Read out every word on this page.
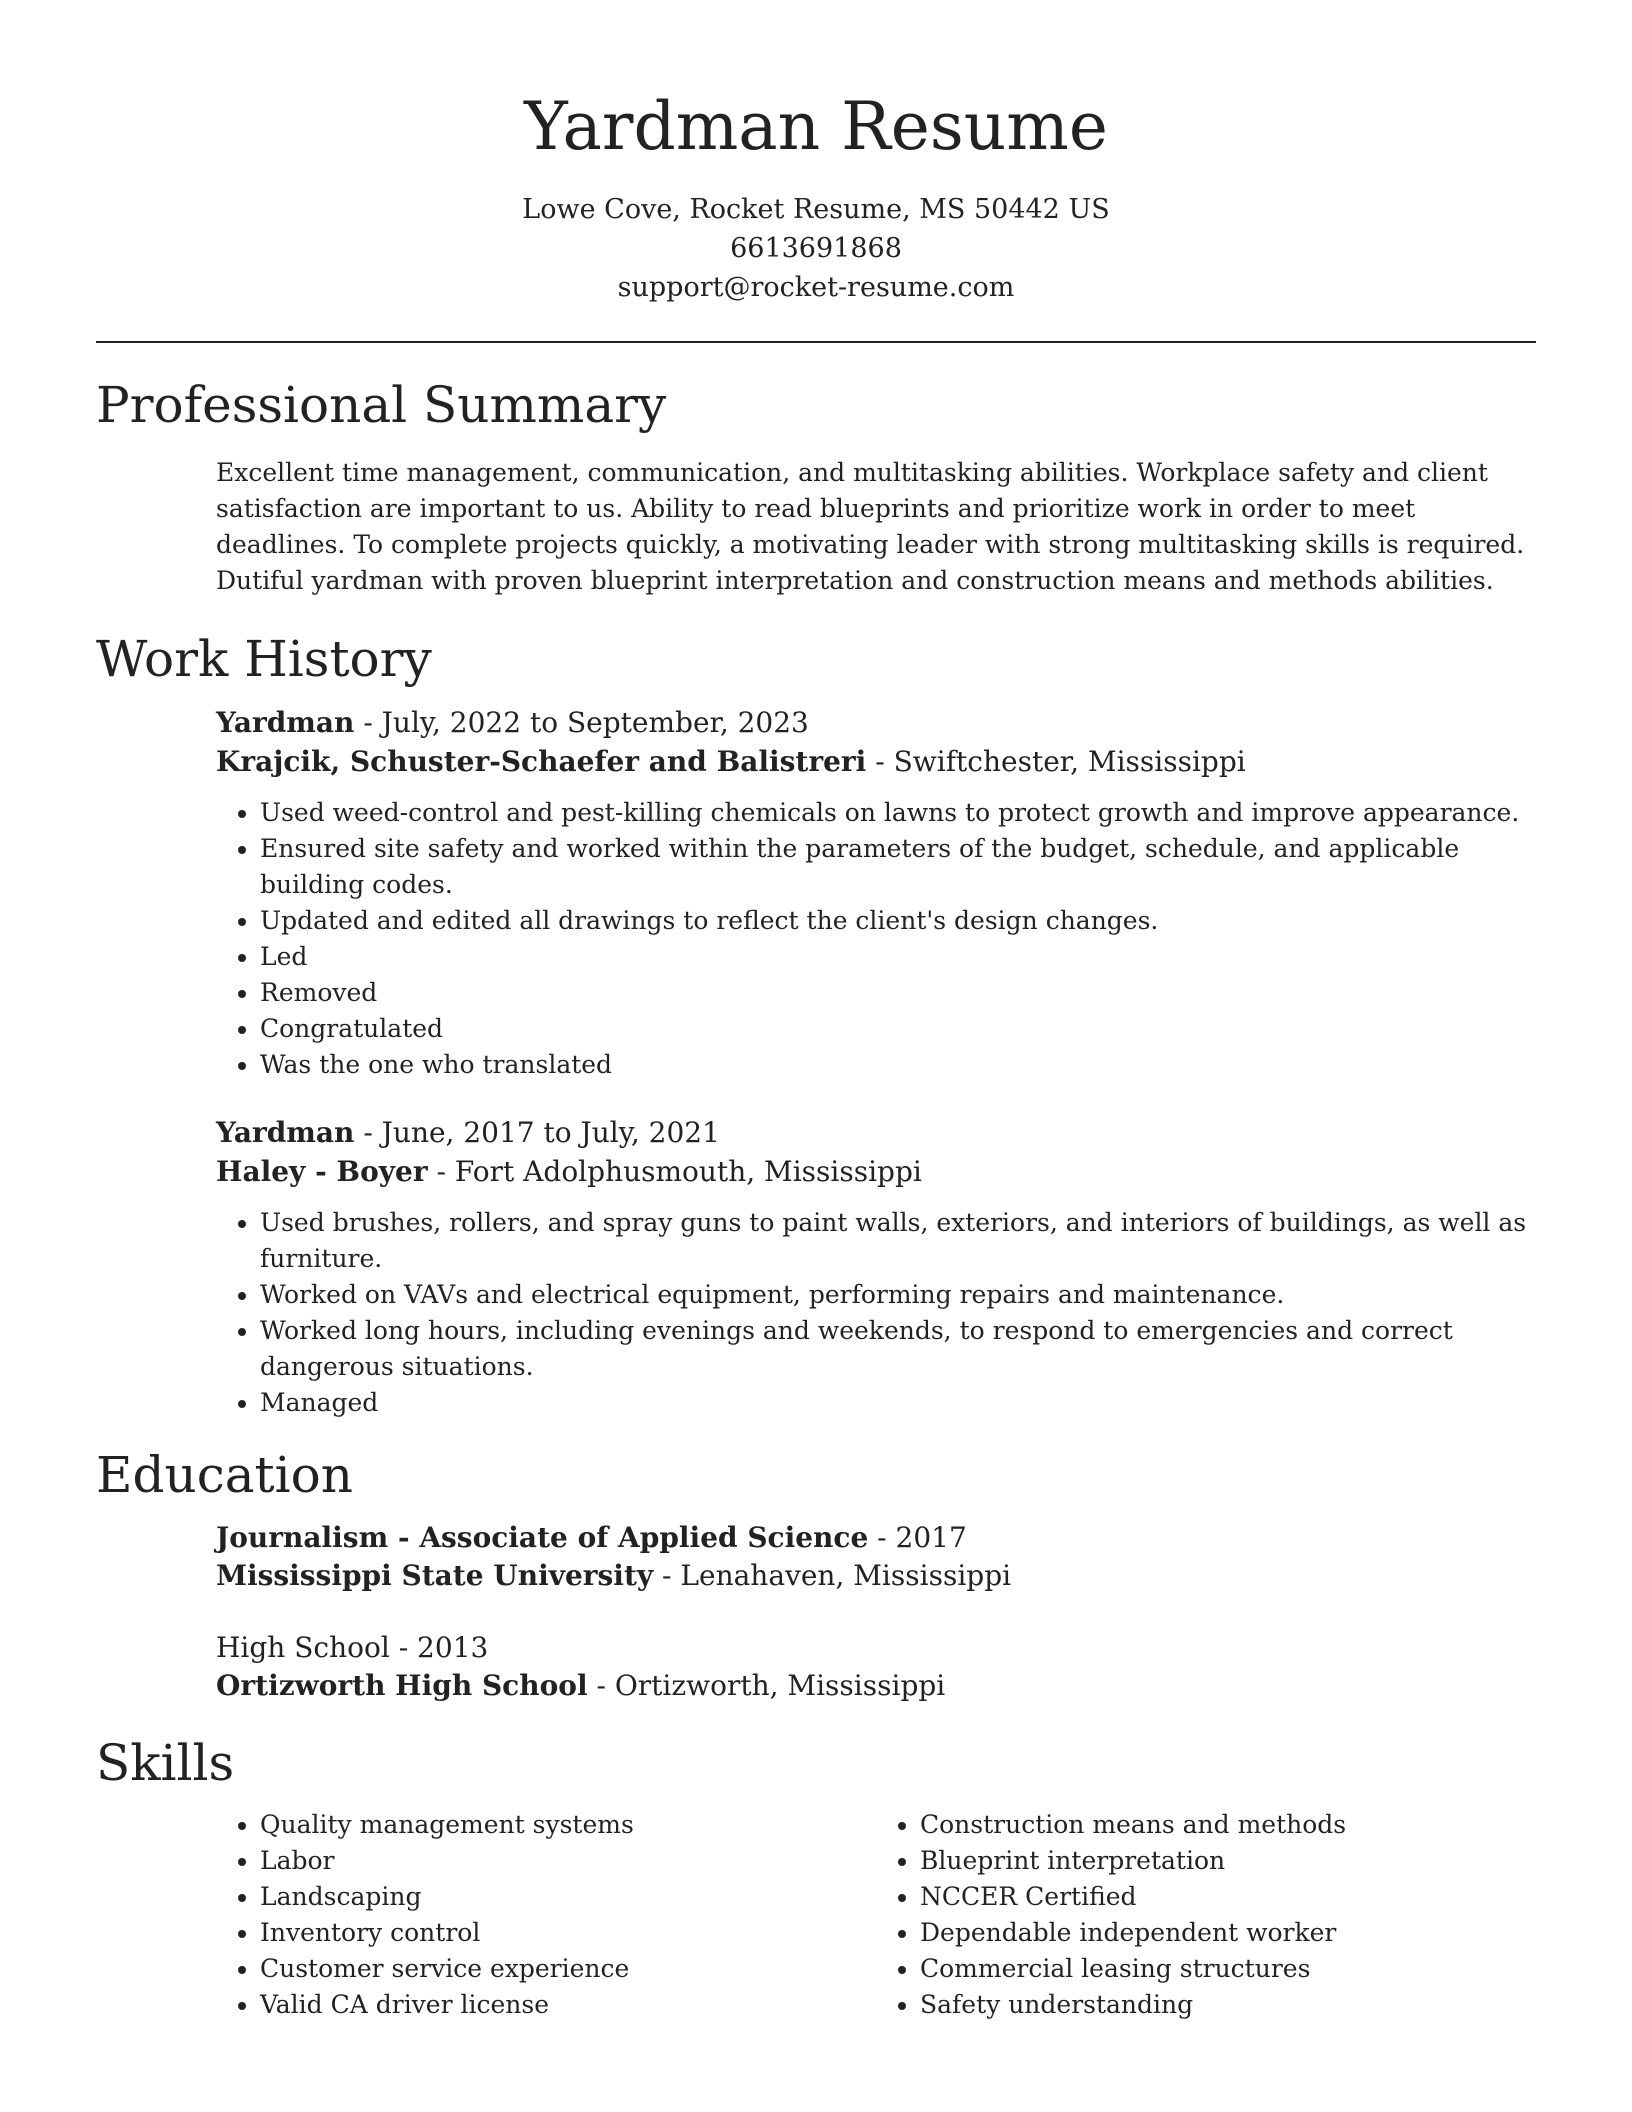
Yardman Resume
Lowe Cove, Rocket Resume, MS 50442 US
6613691868
support@rocket-resume.com
Professional Summary
Excellent time management, communication, and multitasking abilities. Workplace safety and client satisfaction are important to us. Ability to read blueprints and prioritize work in order to meet deadlines. To complete projects quickly, a motivating leader with strong multitasking skills is required. Dutiful yardman with proven blueprint interpretation and construction means and methods abilities.
Work History
Yardman - July, 2022 to September, 2023
Krajcik, Schuster-Schaefer and Balistreri - Swiftchester, Mississippi
• Used weed-control and pest-killing chemicals on lawns to protect growth and improve appearance.
• Ensured site safety and worked within the parameters of the budget, schedule, and applicable building codes.
• Updated and edited all drawings to reflect the client's design changes.
• Led
• Removed
• Congratulated
• Was the one who translated
Yardman - June, 2017 to July, 2021
Haley - Boyer - Fort Adolphusmouth, Mississippi
• Used brushes, rollers, and spray guns to paint walls, exteriors, and interiors of buildings, as well as furniture.
• Worked on VAVs and electrical equipment, performing repairs and maintenance.
• Worked long hours, including evenings and weekends, to respond to emergencies and correct dangerous situations.
• Managed
Education
Journalism - Associate of Applied Science - 2017
Mississippi State University - Lenahaven, Mississippi
High School - 2013
Ortizworth High School - Ortizworth, Mississippi
Skills
• Quality management systems
• Labor
• Landscaping
• Inventory control
• Customer service experience
• Valid CA driver license
• Construction means and methods
• Blueprint interpretation
• NCCER Certified
• Dependable independent worker
• Commercial leasing structures
• Safety understanding
